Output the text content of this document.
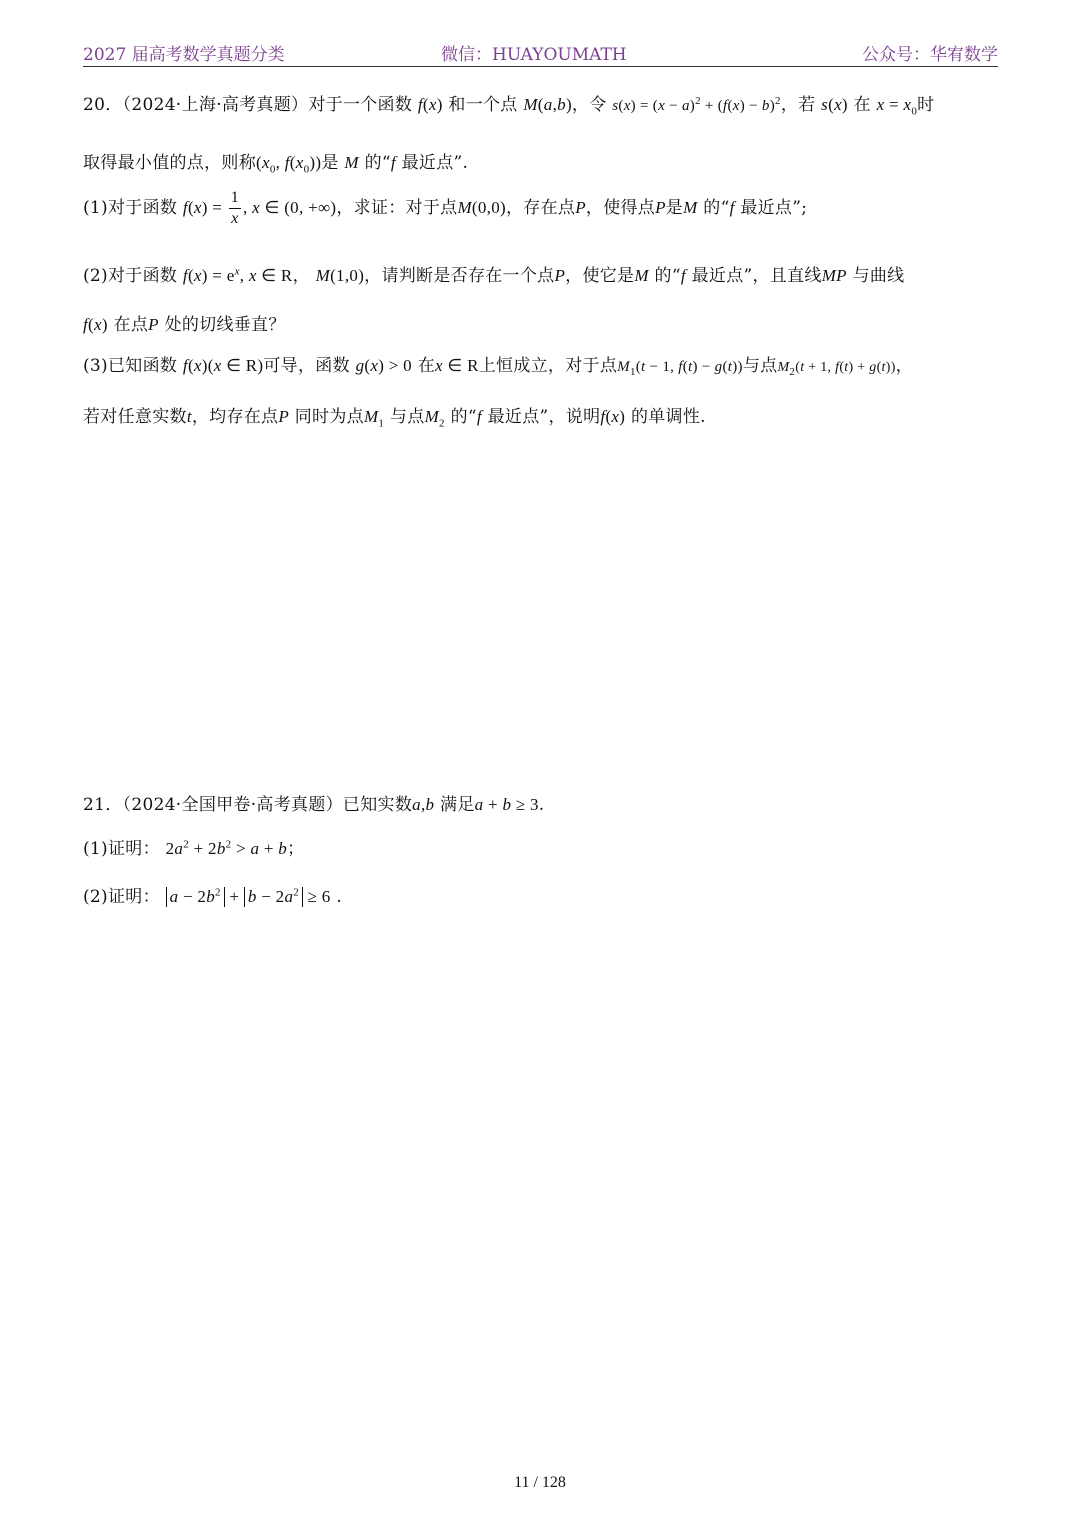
2027 届高考数学真题分类	微信：HUAYOUMATH	公众号：华宥数学
20．（2024·上海·高考真题）对于一个函数 f(x) 和一个点 M(a,b)，令 $s(x) = (x - a)^2 + (f(x) - b)^2$，若 s(x) 在 $x = x_0$时
取得最小值的点，则称($x_0$, $f(x_0)$)是 M 的“f 最近点”.
(1)对于函数 $f(x) = \frac{1}{x}$ , x ∈ (0, +∞)，求证：对于点M(0,0)，存在点P，使得点P是M 的“f 最近点”;
(2)对于函数 $f(x) = e^x$, x ∈ R， M(1,0)，请判断是否存在一个点P，使它是M 的“f 最近点”，且直线MP 与曲线
f(x) 在点P 处的切线垂直？
(3)已知函数 f(x)(x ∈ R)可导，函数 g(x) > 0 在x ∈ R上恒成立，对于点$M_1(t - 1$, f(t) − g(t))与点$M_2(t + 1$, f(t) + g(t))，
若对任意实数t，均存在点P 同时为点$M_1$ 与点$M_2$ 的“f 最近点”，说明f(x) 的单调性.
21．（2024·全国甲卷·高考真题）已知实数a,b 满足a + b ≥ 3.
(1)证明： $2a^2 + 2b^2 > a + b$；
(2)证明： $a - 2b^2 + b - 2a^2 \ge 6$ .
11 / 128
